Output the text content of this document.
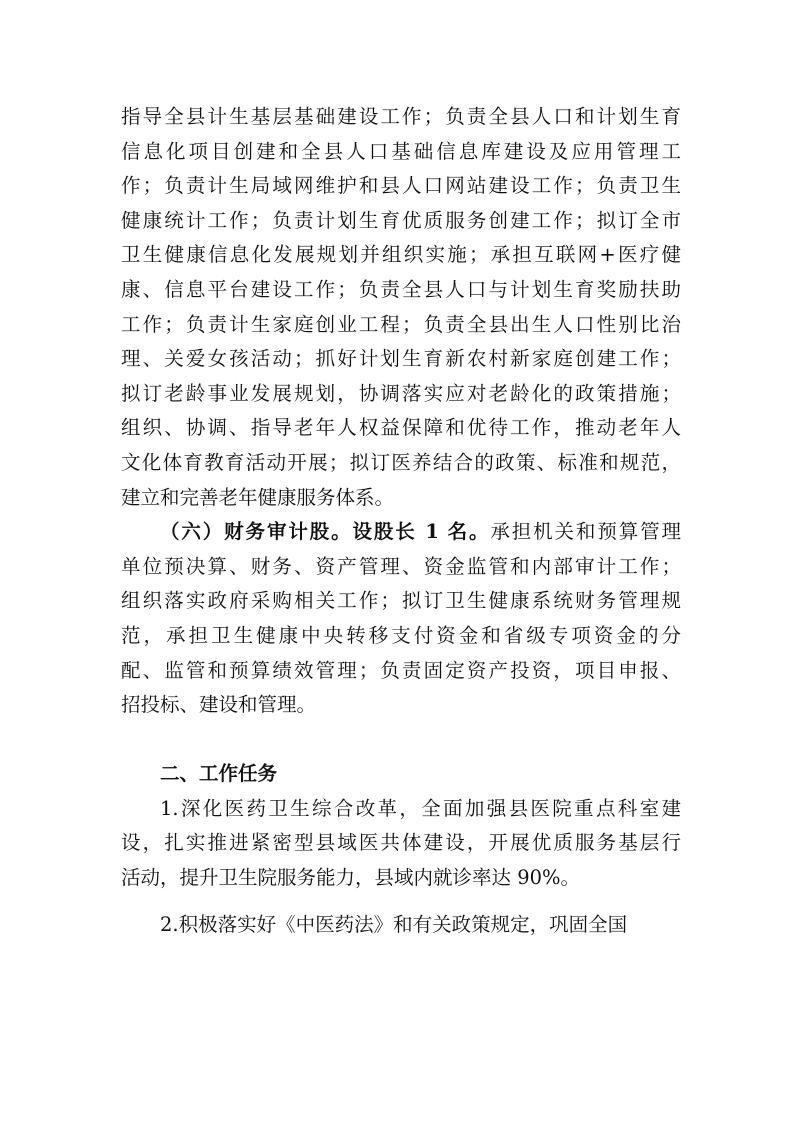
指导全县计生基层基础建设工作；负责全县人口和计划生育
信息化项目创建和全县人口基础信息库建设及应用管理工
作；负责计生局域网维护和县人口网站建设工作；负责卫生
健康统计工作；负责计划生育优质服务创建工作；拟订全市
卫生健康信息化发展规划并组织实施；承担互联网+医疗健
康、信息平台建设工作；负责全县人口与计划生育奖励扶助
工作；负责计生家庭创业工程；负责全县出生人口性别比治
理、关爱女孩活动；抓好计划生育新农村新家庭创建工作；
拟订老龄事业发展规划，协调落实应对老龄化的政策措施；
组织、协调、指导老年人权益保障和优待工作，推动老年人
文化体育教育活动开展；拟订医养结合的政策、标准和规范，
建立和完善老年健康服务体系。
（六）财务审计股。设股长 1 名。承担机关和预算管理
单位预决算、财务、资产管理、资金监管和内部审计工作；
组织落实政府采购相关工作；拟订卫生健康系统财务管理规
范，承担卫生健康中央转移支付资金和省级专项资金的分
配、监管和预算绩效管理；负责固定资产投资，项目申报、
招投标、建设和管理。
二、工作任务
1.深化医药卫生综合改革，全面加强县医院重点科室建
设，扎实推进紧密型县域医共体建设，开展优质服务基层行
活动，提升卫生院服务能力，县域内就诊率达 90%。
2.积极落实好《中医药法》和有关政策规定，巩固全国
